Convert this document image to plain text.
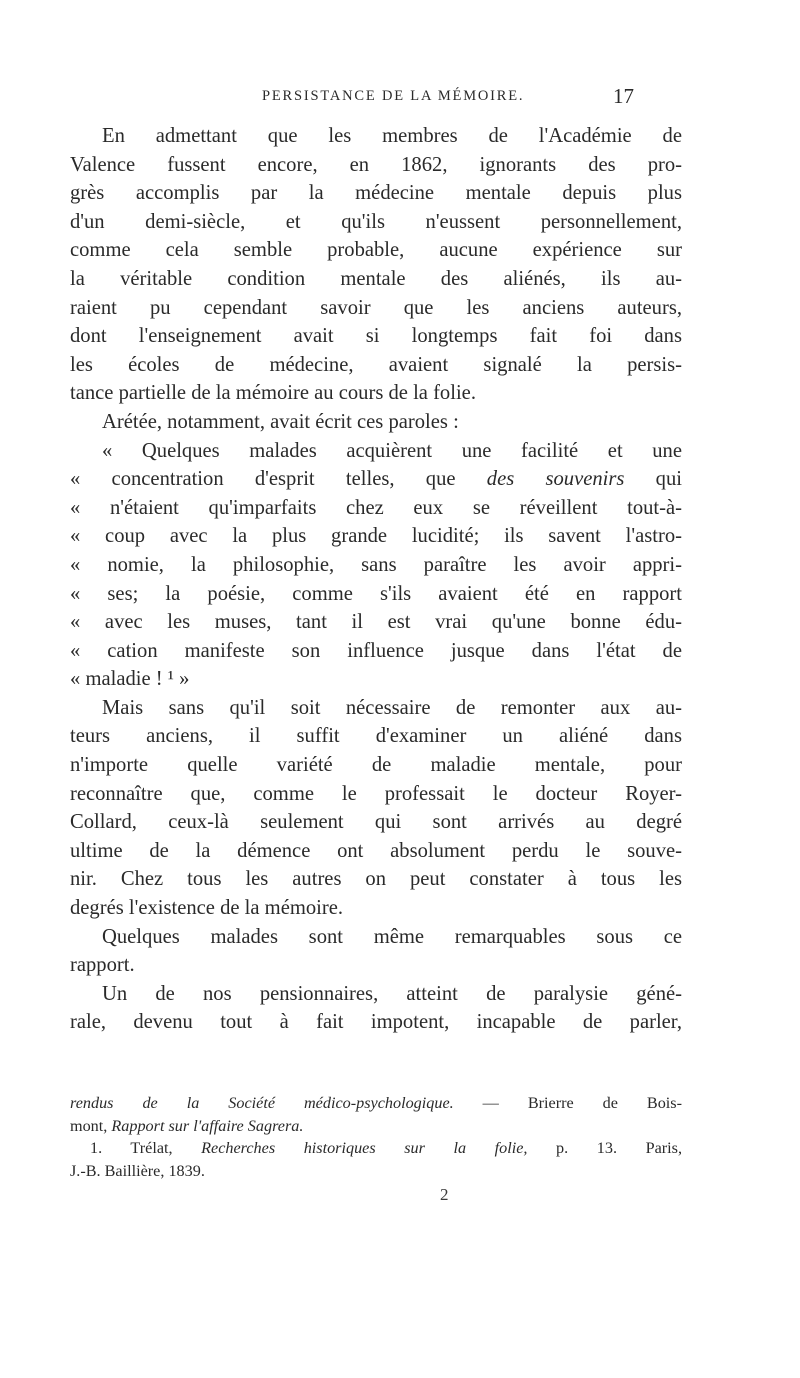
PERSISTANCE DE LA MÉMOIRE.	17
En admettant que les membres de l'Académie de
Valence fussent encore, en 1862, ignorants des pro-
grès accomplis par la médecine mentale depuis plus
d'un demi-siècle, et qu'ils n'eussent personnellement,
comme cela semble probable, aucune expérience sur
la véritable condition mentale des aliénés, ils au-
raient pu cependant savoir que les anciens auteurs,
dont l'enseignement avait si longtemps fait foi dans
les écoles de médecine, avaient signalé la persis-
tance partielle de la mémoire au cours de la folie.
Arétée, notamment, avait écrit ces paroles :
« Quelques malades acquièrent une facilité et une
« concentration d'esprit telles, que des souvenirs qui
« n'étaient qu'imparfaits chez eux se réveillent tout-à-
« coup avec la plus grande lucidité; ils savent l'astro-
« nomie, la philosophie, sans paraître les avoir appri-
« ses; la poésie, comme s'ils avaient été en rapport
« avec les muses, tant il est vrai qu'une bonne édu-
« cation manifeste son influence jusque dans l'état de
« maladie ! ¹ »
Mais sans qu'il soit nécessaire de remonter aux au-
teurs anciens, il suffit d'examiner un aliéné dans
n'importe quelle variété de maladie mentale, pour
reconnaître que, comme le professait le docteur Royer-
Collard, ceux-là seulement qui sont arrivés au degré
ultime de la démence ont absolument perdu le souve-
nir. Chez tous les autres on peut constater à tous les
degrés l'existence de la mémoire.
Quelques malades sont même remarquables sous ce
rapport.
Un de nos pensionnaires, atteint de paralysie géné-
rale, devenu tout à fait impotent, incapable de parler,
rendus de la Société médico-psychologique. — Brierre de Bois-
mont, Rapport sur l'affaire Sagrera.
1. Trélat, Recherches historiques sur la folie, p. 13. Paris,
J.-B. Baillière, 1839.
2
